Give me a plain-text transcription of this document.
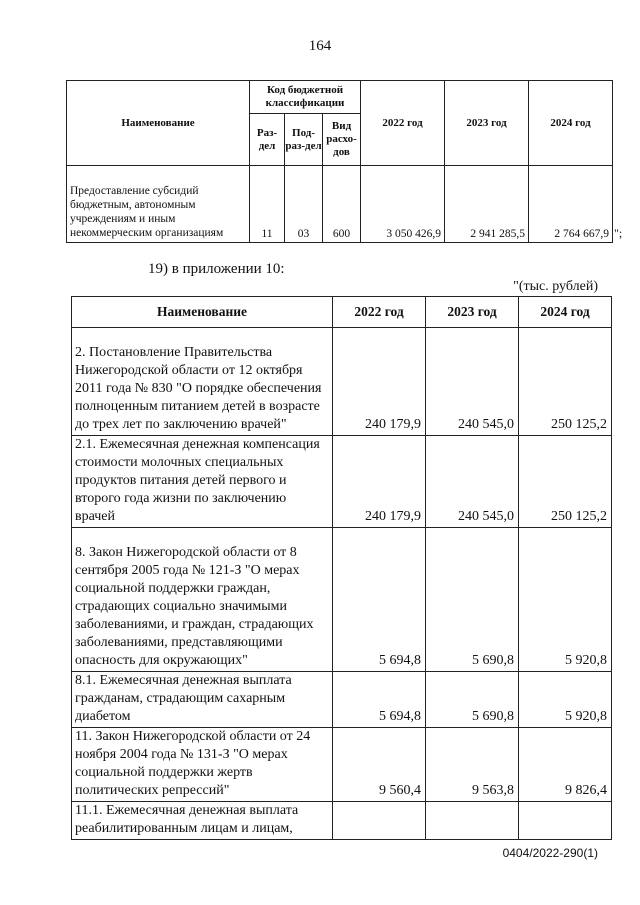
164
Наименование	Код бюджетной классификации			2022 год	2023 год	2024 год
	Раз-дел	Под-раз-дел	Вид расхо-дов			
Предоставление субсидий бюджетным, автономным учреждениям и иным некоммерческим организациям	11	03	600	3 050 426,9	2 941 285,5	2 764 667,9 ";
19) в приложении 10:
"(тыс. рублей)
Наименование	2022 год	2023 год	2024 год
2. Постановление Правительства Нижегородской области от 12 октября 2011 года № 830 "О порядке обеспечения полноценным питанием детей в возрасте до трех лет по заключению врачей"	240 179,9	240 545,0	250 125,2
2.1. Ежемесячная денежная компенсация стоимости молочных специальных продуктов питания детей первого и второго года жизни по заключению врачей	240 179,9	240 545,0	250 125,2
8. Закон Нижегородской области от 8 сентября 2005 года № 121-З "О мерах социальной поддержки граждан, страдающих социально значимыми заболеваниями, и граждан, страдающих заболеваниями, представляющими опасность для окружающих"	5 694,8	5 690,8	5 920,8
8.1. Ежемесячная денежная выплата гражданам, страдающим сахарным диабетом	5 694,8	5 690,8	5 920,8
11. Закон Нижегородской области от 24 ноября 2004 года № 131-З "О мерах социальной поддержки жертв политических репрессий"	9 560,4	9 563,8	9 826,4
11.1. Ежемесячная денежная выплата реабилитированным лицам и лицам,			
0404/2022-290(1)
